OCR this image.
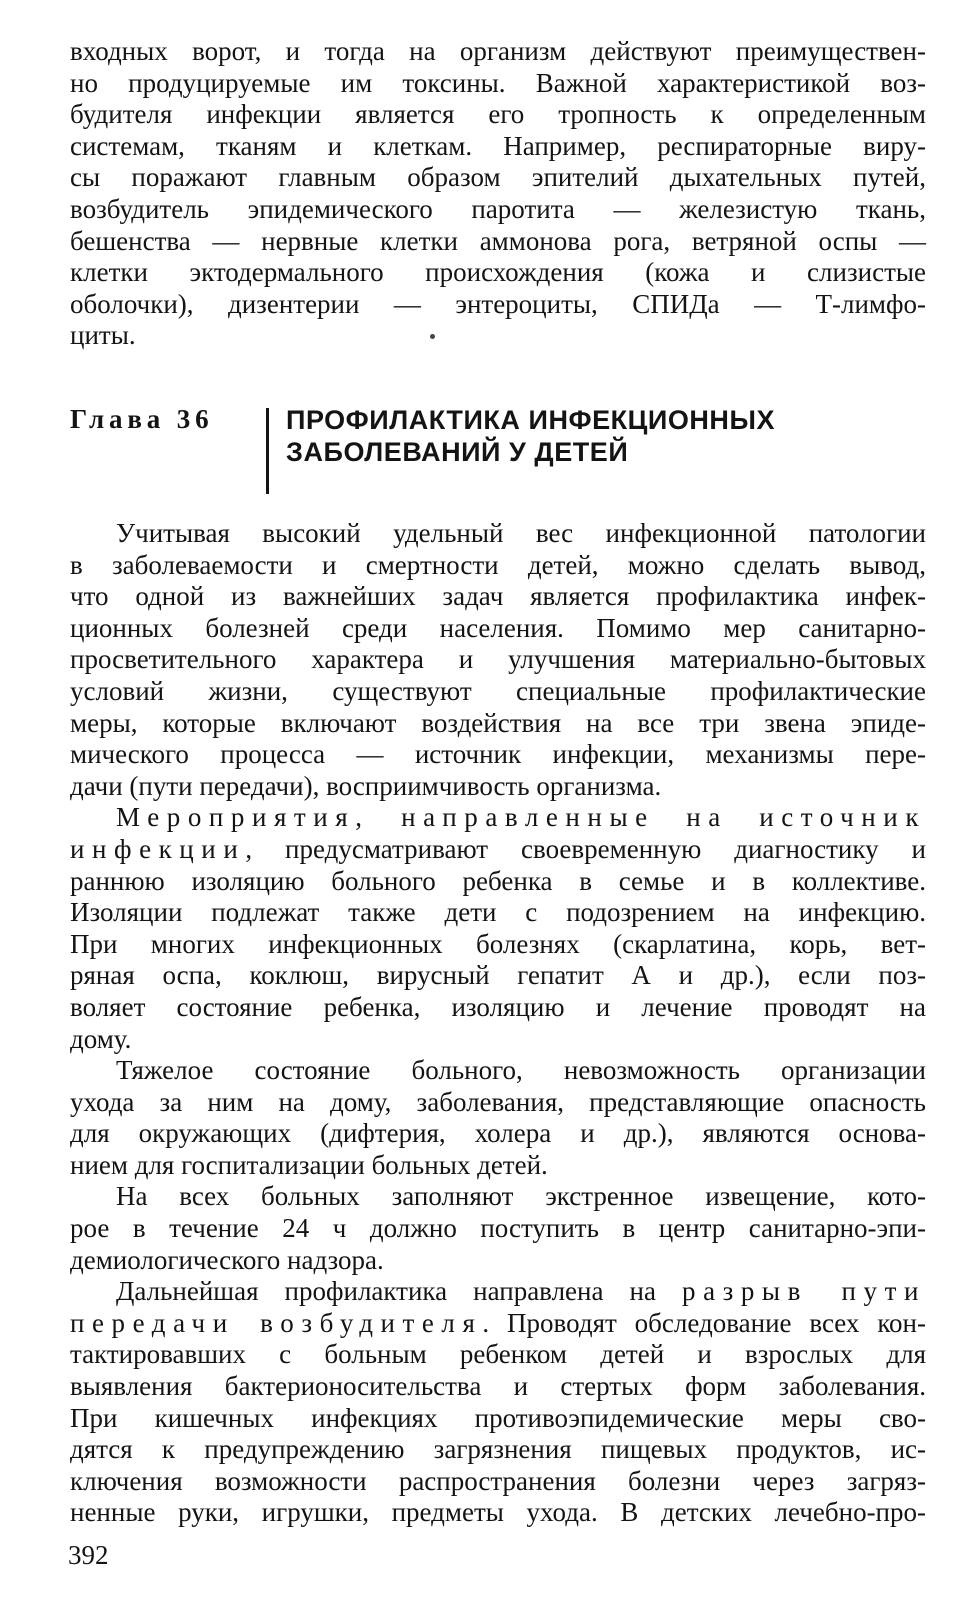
входных ворот, и тогда на организм действуют преимуществен-
но продуцируемые им токсины. Важной характеристикой воз-
будителя инфекции является его тропность к определенным
системам, тканям и клеткам. Например, респираторные виру-
сы поражают главным образом эпителий дыхательных путей,
возбудитель эпидемического паротита — железистую ткань,
бешенства — нервные клетки аммонова рога, ветряной оспы —
клетки эктодермального происхождения (кожа и слизистые
оболочки), дизентерии — энтероциты, СПИДа — Т-лимфо-
циты.
Глава 36	ПРОФИЛАКТИКА ИНФЕКЦИОННЫХ
ЗАБОЛЕВАНИЙ У ДЕТЕЙ
Учитывая высокий удельный вес инфекционной патологии
в заболеваемости и смертности детей, можно сделать вывод,
что одной из важнейших задач является профилактика инфек-
ционных болезней среди населения. Помимо мер санитарно-
просветительного характера и улучшения материально-бытовых
условий жизни, существуют специальные профилактические
меры, которые включают воздействия на все три звена эпиде-
мического процесса — источник инфекции, механизмы пере-
дачи (пути передачи), восприимчивость организма.
Мероприятия, направленные на источник
инфекции, предусматривают своевременную диагностику и
раннюю изоляцию больного ребенка в семье и в коллективе.
Изоляции подлежат также дети с подозрением на инфекцию.
При многих инфекционных болезнях (скарлатина, корь, вет-
ряная оспа, коклюш, вирусный гепатит А и др.), если поз-
воляет состояние ребенка, изоляцию и лечение проводят на
дому.
Тяжелое состояние больного, невозможность организации
ухода за ним на дому, заболевания, представляющие опасность
для окружающих (дифтерия, холера и др.), являются основа-
нием для госпитализации больных детей.
На всех больных заполняют экстренное извещение, кото-
рое в течение 24 ч должно поступить в центр санитарно-эпи-
демиологического надзора.
Дальнейшая профилактика направлена на разрыв пути
передачи возбудителя. Проводят обследование всех кон-
тактировавших с больным ребенком детей и взрослых для
выявления бактерионосительства и стертых форм заболевания.
При кишечных инфекциях противоэпидемические меры сво-
дятся к предупреждению загрязнения пищевых продуктов, ис-
ключения возможности распространения болезни через загряз-
ненные руки, игрушки, предметы ухода. В детских лечебно-про-
392
